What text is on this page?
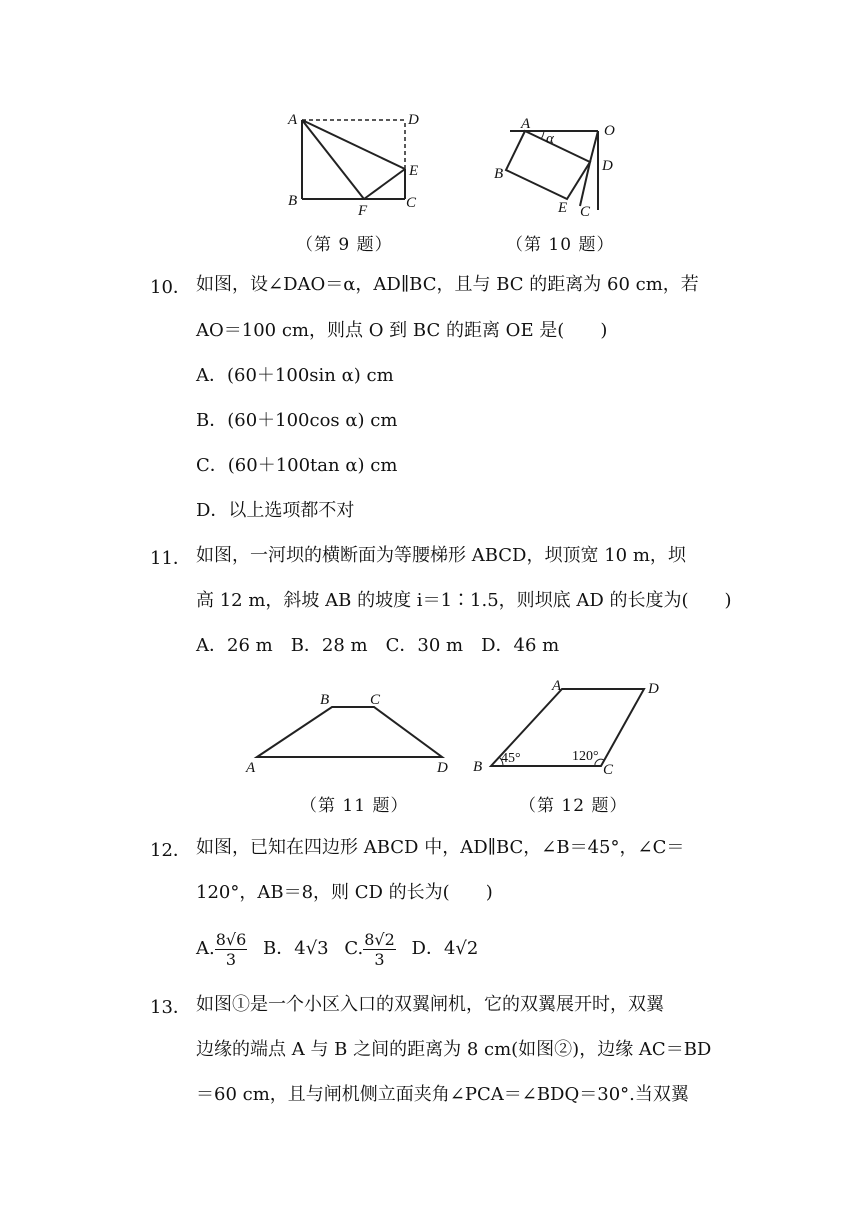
A	D
E
B
F	C
（第 9 题）
A
α	O
D
B
E C
（第 10 题）
10． 如图，设∠DAO＝α，AD∥BC，且与 BC 的距离为 60 cm，若
AO＝100 cm，则点 O 到 BC 的距离 OE 是(　　)
A．(60＋100sin α) cm
B．(60＋100cos α) cm
C．(60＋100tan α) cm
D．以上选项都不对
11． 如图，一河坝的横断面为等腰梯形 ABCD，坝顶宽 10 m，坝
高 12 m，斜坡 AB 的坡度 i＝1∶1.5，则坝底 AD 的长度为(　　)
A．26 m　B．28 m　C．30 m　D．46 m
B	C
A	D
（第 11 题）
A	D
B	C
45°	120°
（第 12 题）
12． 如图，已知在四边形 ABCD 中，AD∥BC，∠B＝45°，∠C＝
120°，AB＝8，则 CD 的长为(　　)
A. $\frac{8√6}{3}$ B．4√3 C. $\frac{8√2}{3}$ D．4√2
13． 如图①是一个小区入口的双翼闸机，它的双翼展开时，双翼
边缘的端点 A 与 B 之间的距离为 8 cm(如图②)，边缘 AC＝BD
＝60 cm，且与闸机侧立面夹角∠PCA＝∠BDQ＝30°.当双翼
